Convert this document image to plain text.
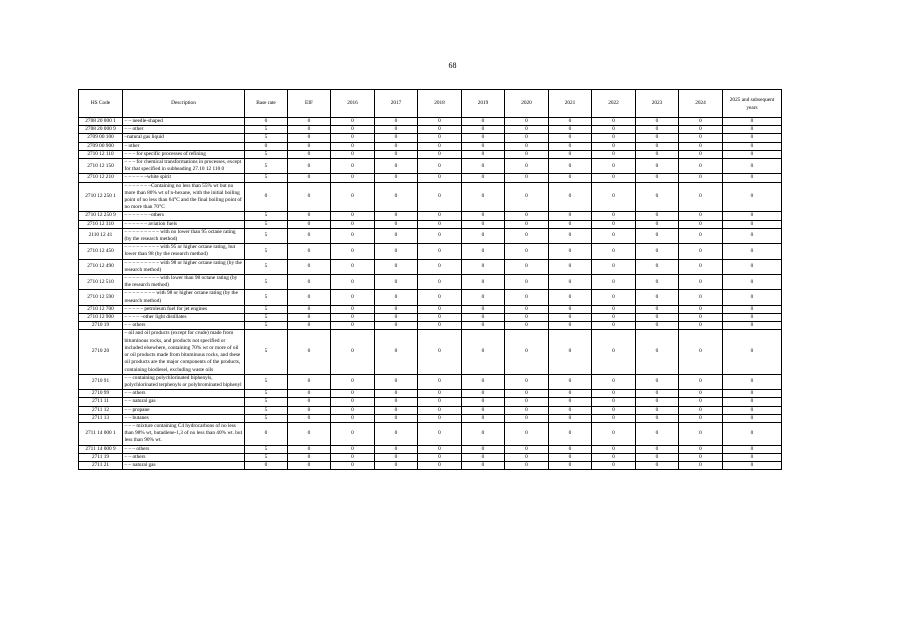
68
HS Code	Description	Base rate	EIF	2016	2017	2018	2019	2020	2021	2022	2023	2024	2025 and subsequent years
2708 20 000 1	– – needle-shaped	0	0	0	0	0	0	0	0	0	0	0	0
2708 20 000 9	– – other	5	0	0	0	0	0	0	0	0	0	0	0
2709 00 100	–natural gas liquid	5	0	0	0	0	0	0	0	0	0	0	0
2709 00 900	– other	0	0	0	0	0	0	0	0	0	0	0	0
2710 12 110	– – – for specific processes of refining	5	0	0	0	0	0	0	0	0	0	0	0
2710 12 150	– – – for chemical transformations in processes, except for that specified in subheading 27.10 12 110 0	5	0	0	0	0	0	0	0	0	0	0	0
2710 12 210	– – – – – –white spirit	5	0	0	0	0	0	0	0	0	0	0	0
2710 12 250 1	– – – – – – –Containing no less than 55% wt but no more than 80% wt of n-hexane, with the initial boiling point of no less than 64°C and the final boiling point of no more than 70°C	0	0	0	0	0	0	0	0	0	0	0	0
2710 12 250 9	– – – – – – –others	5	0	0	0	0	0	0	0	0	0	0	0
2710 12 310	– – – – – – aviation fuels	5	0	0	0	0	0	0	0	0	0	0	0
2110 12 41	– – – – – – – – – with no lower than 95 octane rating (by the research method)	5	0	0	0	0	0	0	0	0	0	0	0
2710 12 450	– – – – – – – – – with 95 or higher octane rating, but lower than 98 (by the research method)	5	0	0	0	0	0	0	0	0	0	0	0
2710 12 490	– – – – – – – – – with 98 or higher octane rating (by the research method)	5	0	0	0	0	0	0	0	0	0	0	0
2710 12 510	– – – – – – – – – with lower than 98 octane rating (by the research method)	5	0	0	0	0	0	0	0	0	0	0	0
2710 12 590	– – – – – – – – with 98 or higher octane rating (by the research method)	5	0	0	0	0	0	0	0	0	0	0	0
2710 12 700	– – – – – petroleum fuel for jet engines	5	0	0	0	0	0	0	0	0	0	0	0
2710 12 900	– – – – –other light distillates	5	0	0	0	0	0	0	0	0	0	0	0
2710 19	– – others	5	0	0	0	0	0	0	0	0	0	0	0
2710 20	– oil and oil products (except for crude) made from bituminous rocks, and products not specified or included elsewhere, containing 70% wt or more of oil or oil products made from bituminous rocks, and these oil products are the major components of the products, containing biodiesel, excluding waste oils	5	0	0	0	0	0	0	0	0	0	0	0
2710 91	– – containing polychlorinated biphenyls, polychlorinated terphenyls or polybrominated biphenyl	5	0	0	0	0	0	0	0	0	0	0	0
2710 99	– – others	5	0	0	0	0	0	0	0	0	0	0	0
2711 11	– – natural gas	5	0	0	0	0	0	0	0	0	0	0	0
2711 12	– – propane	5	0	0	0	0	0	0	0	0	0	0	0
2711 13	– – butanes	5	0	0	0	0	0	0	0	0	0	0	0
2711 14 000 1	– – – mixture containing C4 hydrocarbons of no less than 98% wt, butadiene-1,3 of no less than 40% wt. but less than 90% wt.	0	0	0	0	0	0	0	0	0	0	0	0
2711 14 000 9	– – – others	5	0	0	0	0	0	0	0	0	0	0	0
2711 19	– – others	5	0	0	0	0	0	0	0	0	0	0	0
2711 21	– – natural gas	0	0	0	0	0	0	0	0	0	0	0	0
